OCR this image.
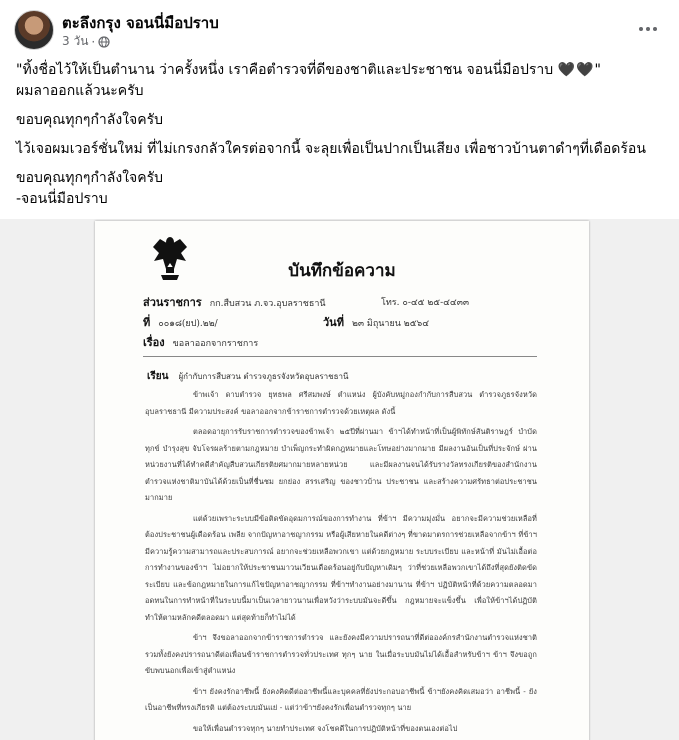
ตะลึงกรุง จอนนี่มือปราบ
3 วัน ·

"ทิ้งชื่อไว้ให้เป็นตำนาน ว่าครั้งหนึ่ง เราคือตำรวจที่ดีของชาติและประชาชน จอนนี่มือปราบ 🖤🖤"

ผมลาออกแล้วนะครับ

ขอบคุณทุกๆกำลังใจครับ

ไว้เจอผมเวอร์ชั่นใหม่ ที่ไม่เกรงกลัวใครต่อจากนี้ จะลุยเพื่อเป็นปากเป็นเสียง เพื่อชาวบ้านตาดำๆที่เดือดร้อน

ขอบคุณทุกๆกำลังใจครับ

-จอนนี่มือปราบ

บันทึกข้อความ
ส่วนราชการ กก.สืบสวน ภ.จว.อุบลราชธานี	โทร. ๐-๔๕ ๒๕-๔๔๓๓
ที่ ๐๐๑๘(ยป).๒๒/	วันที่ ๒๓ มิถุนายน ๒๕๖๔
เรื่อง ขอลาออกจากราชการ
เรียน ผู้กำกับการสืบสวน ตำรวจภูธรจังหวัดอุบลราชธานี

ข้าพเจ้า ดาบตำรวจ ยุทธพล ศรีสมพงษ์ ตำแหน่ง ผู้บังคับหมู่กองกำกับการสืบสวน ตำรวจภูธรจังหวัดอุบลราชธานี มีความประสงค์ ขอลาออกจากข้าราชการตำรวจด้วยเหตุผล ดังนี้

ตลอดอายุการรับราชการตำรวจของข้าพเจ้า ๒๕ปีที่ผ่านมา ข้าฯได้ทำหน้าที่เป็นผู้พิทักษ์สันติราษฎร์ บำบัดทุกข์ บำรุงสุข จับโจรผลร้ายตามกฎหมาย บำเพ็ญกระทำผิดกฎหมายและโทษอย่างมากมาย มีผลงานอันเป็นที่ประจักษ์ ผ่านหน่วยงานที่ได้ทำคดีสำคัญสืบสวนเกียรติยศมากมายหลายหน่วย และมีผลงานจนได้รับรางวัลทรงเกียรติของสำนักงานตำรวจแห่งชาติมาบันได้ด้วยเป็นที่ชื่นชม ยกย่อง สรรเสริญ ของชาวบ้าน ประชาชน และสร้างความศรัทธาต่อประชาชนมากมาย

แต่ด้วยเพราะระบบมีข้อติดขัดอุดมการณ์ของการทำงาน ที่ข้าฯ มีความมุ่งมั่น อยากจะมีความช่วยเหลือที่ต้องประชาชนผู้เดือดร้อน เพลีย จากปัญหาอาชญากรรม หรือผู้เสียหายในคดีต่างๆ ที่ขาดมาตรการช่วยเหลือจากข้าฯ ที่ข้าฯ มีความรู้ความสามารถและประสบการณ์ อยากจะช่วยเหลือพวกเขา แต่ด้วยกฎหมาย ระบบระเบียบ และหน้าที่ มันไม่เอื้อต่อการทำงานของข้าฯ ไม่อยากให้ประชาชนมาวนเวียนเดือดร้อนอยู่กับปัญหาเดิมๆ ว่าที่ช่วยเหลือพวกเขาได้ถึงที่สุดยังติดขัดระเบียบ และข้อกฎหมายในการแก้ไขปัญหาอาชญากรรม ที่ข้าฯทำงานอย่างมานาน ที่ข้าฯ ปฏิบัติหน้าที่ด้วยความตลอดมา อดทนในการทำหน้าที่ในระบบนี้มาเป็นเวลายาวนานเพื่อหวังว่าระบบมันจะดีขึ้น กฎหมายจะแข็งขึ้น เพื่อให้ข้าฯได้ปฏิบัติ ทำให้ตามหลักคดีตลอดมา แต่สุดท้ายก็ทำไม่ได้

ข้าฯ จึงขอลาออกจากข้าราชการตำรวจ และยังคงมีความปรารถนาที่ดีต่อองค์กรสำนักงานตำรวจแห่งชาติ รวมทั้งยังคงปรารถนาดีต่อเพื่อนข้าราชการตำรวจทั่วประเทศ ทุกๆ นาย ในเมื่อระบบมันไม่ได้เอื้อสำหรับข้าฯ ข้าฯ จึงขอถูกขับพบนอกเพื่อเข้าสู่ตำแหน่ง

ข้าฯ ยังคงรักอาชีพนี้ ยังคงคิดดีต่ออาชีพนี้และบุคคลที่ยังประกอบอาชีพนี้ ข้าฯยังคงคิดเสมอว่า อาชีพนี้ - ยังเป็นอาชีพที่ทรงเกียรติ แต่ต้องระบบมันแย่ - แต่ว่าข้าฯยังคงรักเพื่อนตำรวจทุกๆ นาย

ขอให้เพื่อนตำรวจทุกๆ นายทำประเทศ จงโชคดีในการปฏิบัติหน้าที่ของตนเองต่อไป
